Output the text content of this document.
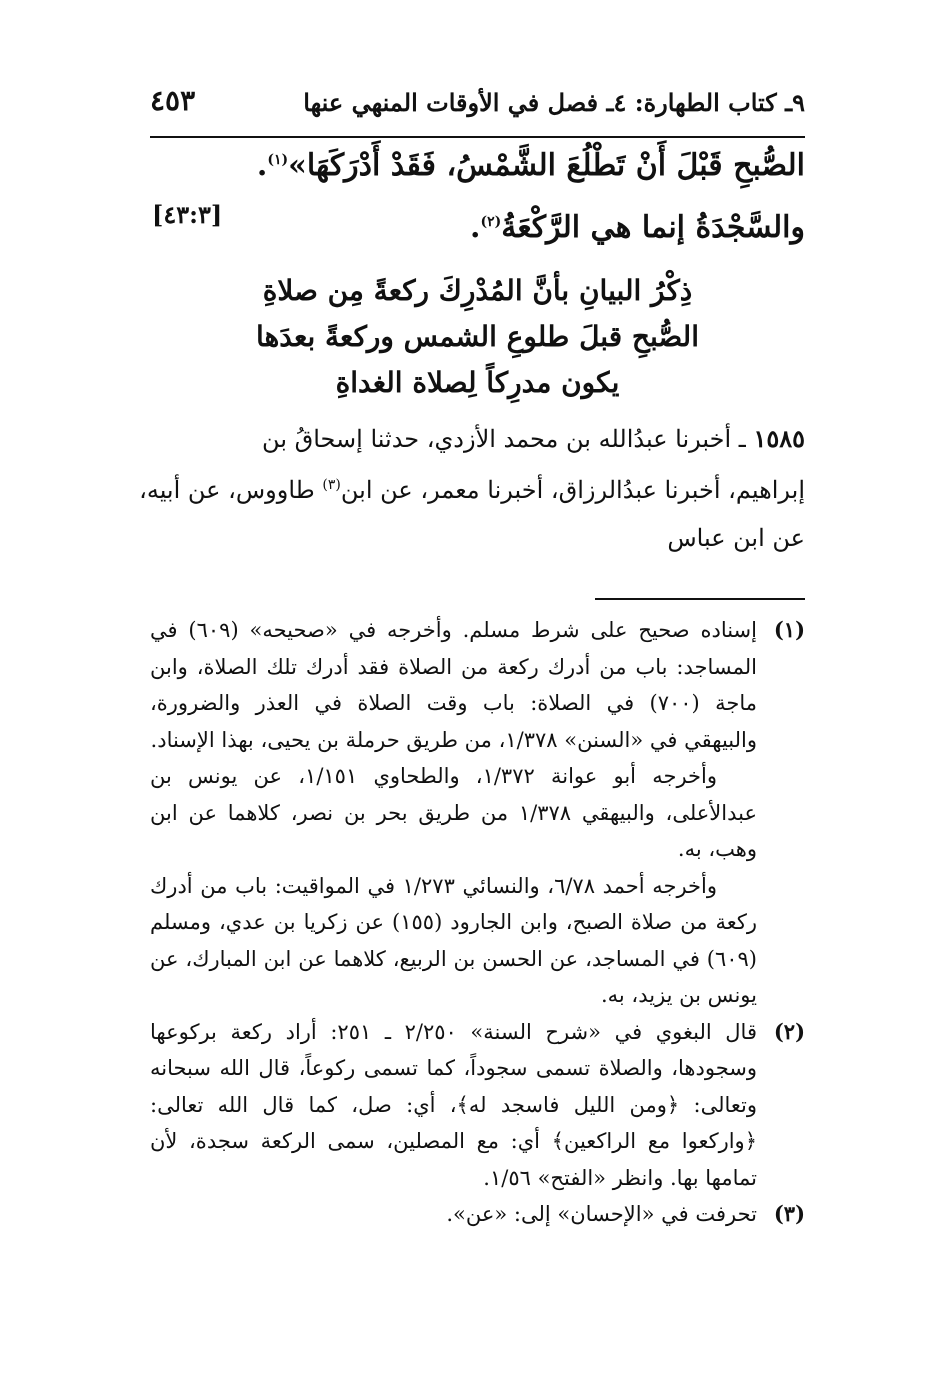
٩ـ كتاب الطهارة: ٤ـ فصل في الأوقات المنهي عنها
٤٥٣
الصُّبحِ قَبْلَ أَنْ تَطْلُعَ الشَّمْسُ، فَقَدْ أَدْرَكَهَا»$^{(١)}$.
[٤٣:٣]	والسَّجْدَةُ إنما هي الرَّكْعَةُ$^{(٢)}$.
ذِكْرُ البيانِ بأنَّ المُدْرِكَ ركعةً مِن صلاةِ
الصُّبحِ قبلَ طلوعِ الشمس وركعةً بعدَها
يكون مدرِكاً لِصلاة الغداةِ
١٥٨٥ ـ أخبرنا عبدُالله بن محمد الأزدي، حدثنا إسحاقُ بن
إبراهيم، أخبرنا عبدُالرزاق، أخبرنا معمر، عن ابن$^{(٣)}$ طاووس، عن أبيه،
عن ابن عباس
(١)
إسناده صحيح على شرط مسلم. وأخرجه في «صحيحه» (٦٠٩) في المساجد: باب من أدرك ركعة من الصلاة فقد أدرك تلك الصلاة، وابن ماجة (٧٠٠) في الصلاة: باب وقت الصلاة في العذر والضرورة، والبيهقي في «السنن» ١/٣٧٨، من طريق حرملة بن يحيى، بهذا الإسناد.
وأخرجه أبو عوانة ١/٣٧٢، والطحاوي ١/١٥١، عن يونس بن عبدالأعلى، والبيهقي ١/٣٧٨ من طريق بحر بن نصر، كلاهما عن ابن وهب، به.
وأخرجه أحمد ٦/٧٨، والنسائي ١/٢٧٣ في المواقيت: باب من أدرك ركعة من صلاة الصبح، وابن الجارود (١٥٥) عن زكريا بن عدي، ومسلم (٦٠٩) في المساجد، عن الحسن بن الربيع، كلاهما عن ابن المبارك، عن يونس بن يزيد، به.
(٢)
قال البغوي في «شرح السنة» ٢/٢٥٠ ـ ٢٥١: أراد ركعة بركوعها وسجودها، والصلاة تسمى سجوداً، كما تسمى ركوعاً، قال الله سبحانه وتعالى: ﴿ومن الليل فاسجد له﴾، أي: صل، كما قال الله تعالى: ﴿واركعوا مع الراكعين﴾ أي: مع المصلين، سمى الركعة سجدة، لأن تمامها بها. وانظر «الفتح» ١/٥٦.
(٣)
تحرفت في «الإحسان» إلى: «عن».
